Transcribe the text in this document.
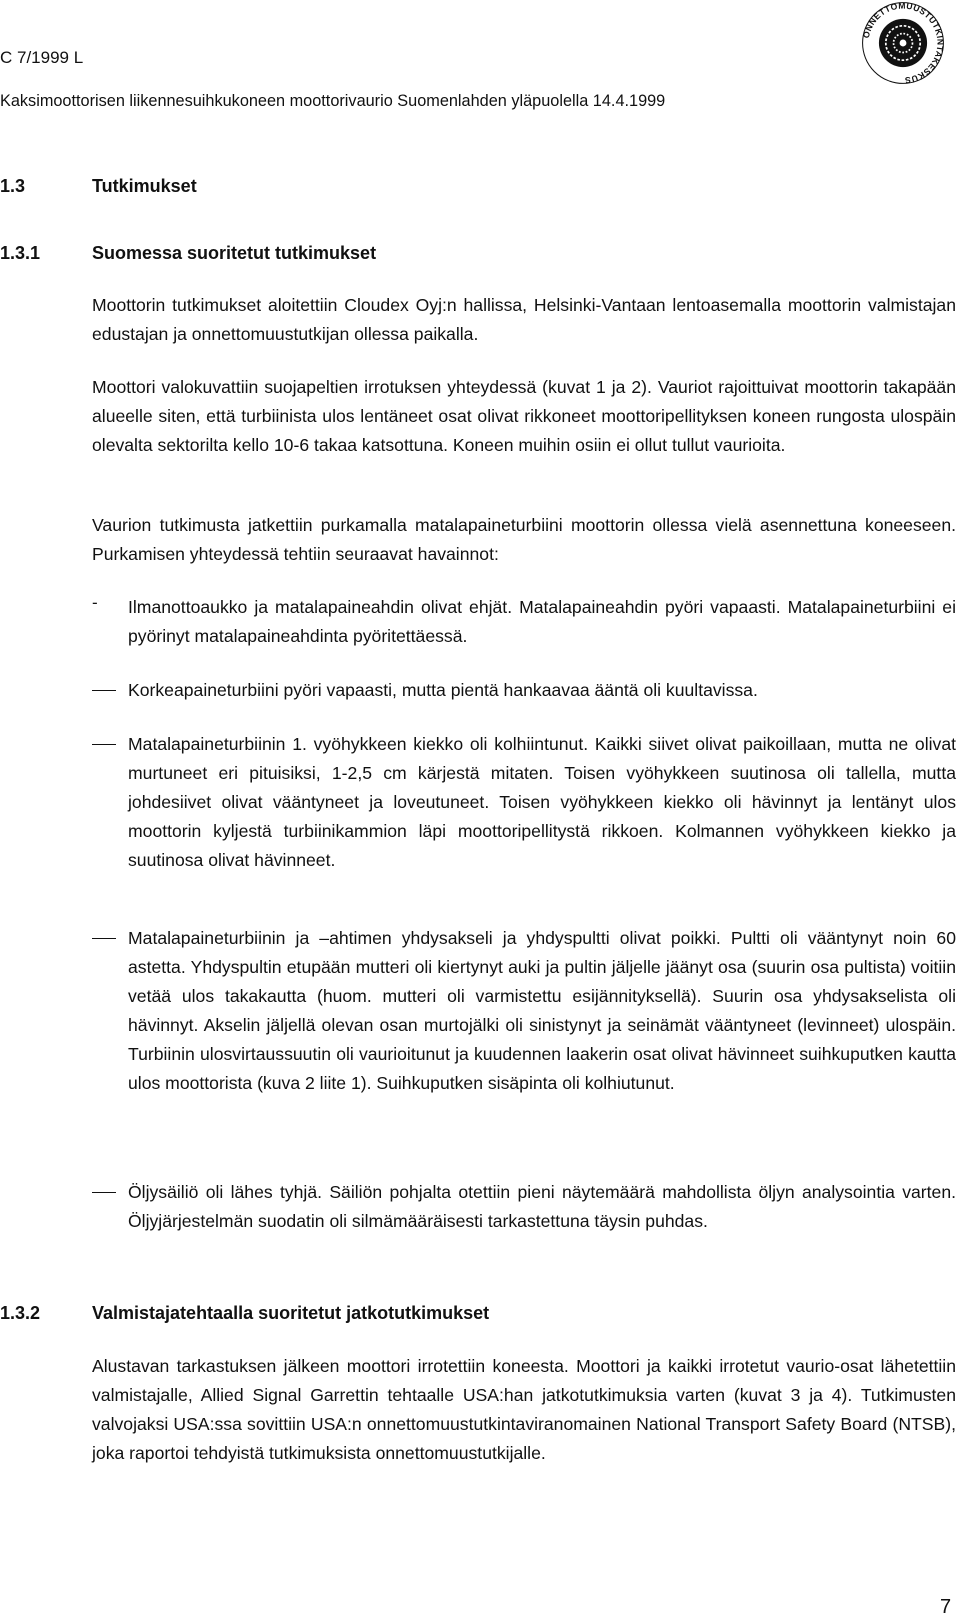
C 7/1999 L
Kaksimoottorisen liikennesuihkukoneen moottorivaurio Suomenlahden yläpuolella 14.4.1999
ONNETTOMUUSTUTKINTAKESKUS
1.3	Tutkimukset
1.3.1	Suomessa suoritetut tutkimukset
Moottorin tutkimukset aloitettiin Cloudex Oyj:n hallissa, Helsinki-Vantaan lentoasemalla moottorin valmistajan edustajan ja onnettomuustutkijan ollessa paikalla.
Moottori valokuvattiin suojapeltien irrotuksen yhteydessä (kuvat 1 ja 2). Vauriot rajoittuivat moottorin takapään alueelle siten, että turbiinista ulos lentäneet osat olivat rikkoneet moottoripellityksen koneen rungosta ulospäin olevalta sektorilta kello 10-6 takaa katsottuna. Koneen muihin osiin ei ollut tullut vaurioita.
Vaurion tutkimusta jatkettiin purkamalla matalapaineturbiini moottorin ollessa vielä asennettuna koneeseen. Purkamisen yhteydessä tehtiin seuraavat havainnot:
- Ilmanottoaukko ja matalapaineahdin olivat ehjät. Matalapaineahdin pyöri vapaasti. Matalapaineturbiini ei pyörinyt matalapaineahdinta pyöritettäessä.
Korkeapaineturbiini pyöri vapaasti, mutta pientä hankaavaa ääntä oli kuultavissa.
Matalapaineturbiinin 1. vyöhykkeen kiekko oli kolhiintunut. Kaikki siivet olivat paikoillaan, mutta ne olivat murtuneet eri pituisiksi, 1-2,5 cm kärjestä mitaten. Toisen vyöhykkeen suutinosa oli tallella, mutta johdesiivet olivat vääntyneet ja loveutuneet. Toisen vyöhykkeen kiekko oli hävinnyt ja lentänyt ulos moottorin kyljestä turbiinikammion läpi moottoripellitystä rikkoen. Kolmannen vyöhykkeen kiekko ja suutinosa olivat hävinneet.
Matalapaineturbiinin ja –ahtimen yhdysakseli ja yhdyspultti olivat poikki. Pultti oli vääntynyt noin 60 astetta. Yhdyspultin etupään mutteri oli kiertynyt auki ja pultin jäljelle jäänyt osa (suurin osa pultista) voitiin vetää ulos takakautta (huom. mutteri oli varmistettu esijännityksellä). Suurin osa yhdysakselista oli hävinnyt. Akselin jäljellä olevan osan murtojälki oli sinistynyt ja seinämät vääntyneet (levinneet) ulospäin. Turbiinin ulosvirtaussuutin oli vaurioitunut ja kuudennen laakerin osat olivat hävinneet suihkuputken kautta ulos moottorista (kuva 2 liite 1). Suihkuputken sisäpinta oli kolhiutunut.
Öljysäiliö oli lähes tyhjä. Säiliön pohjalta otettiin pieni näytemäärä mahdollista öljyn analysointia varten. Öljyjärjestelmän suodatin oli silmämääräisesti tarkastettuna täysin puhdas.
1.3.2	Valmistajatehtaalla suoritetut jatkotutkimukset
Alustavan tarkastuksen jälkeen moottori irrotettiin koneesta. Moottori ja kaikki irrotetut vaurio-osat lähetettiin valmistajalle, Allied Signal Garrettin tehtaalle USA:han jatkotutkimuksia varten (kuvat 3 ja 4). Tutkimusten valvojaksi USA:ssa sovittiin USA:n onnettomuustutkintaviranomainen National Transport Safety Board (NTSB), joka raportoi tehdyistä tutkimuksista onnettomuustutkijalle.
7
